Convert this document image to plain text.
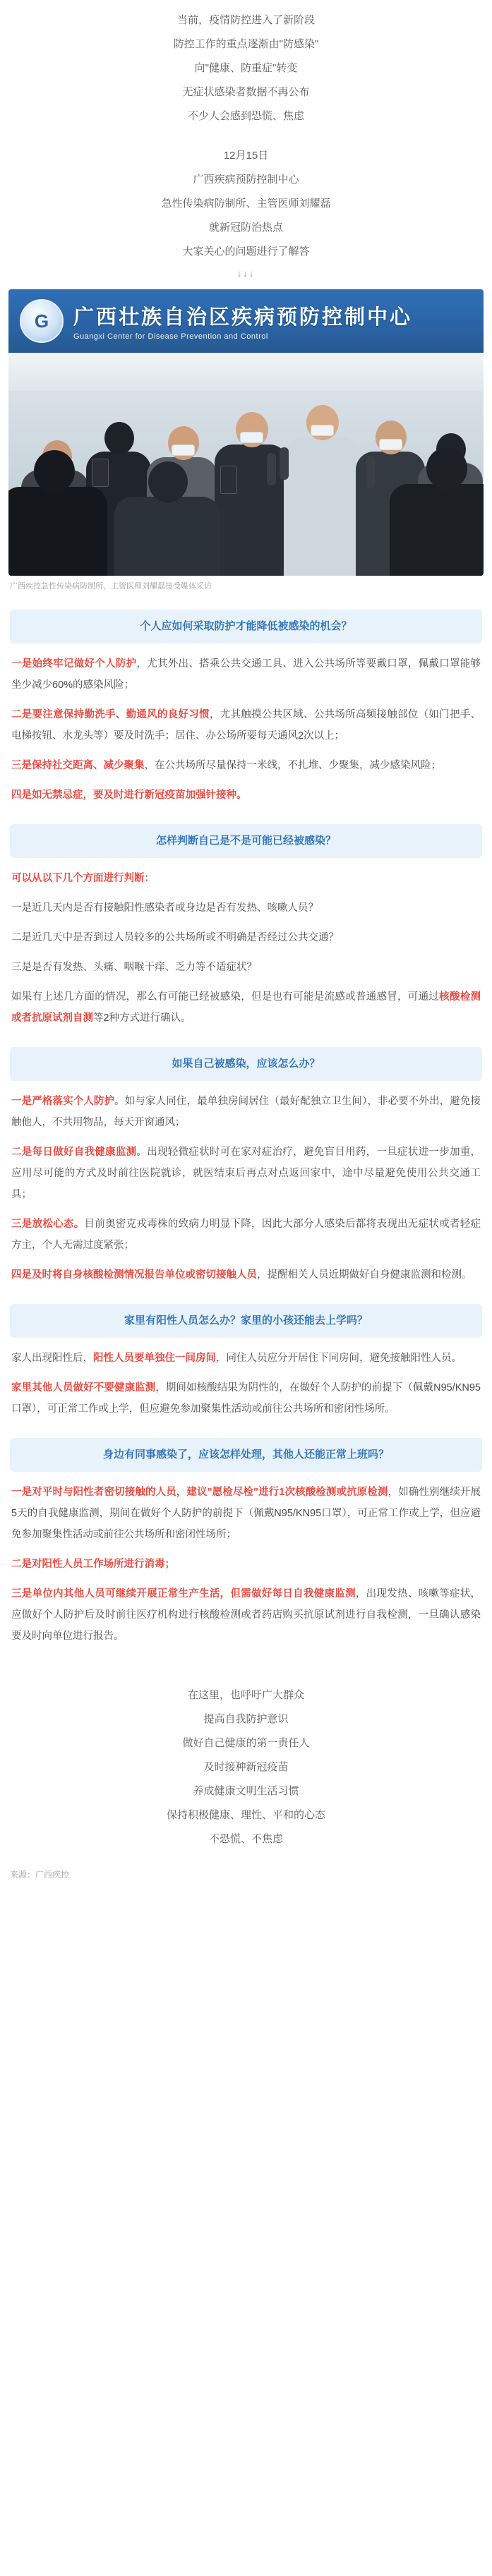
当前，疫情防控进入了新阶段
防控工作的重点逐渐由"防感染"
向"健康、防重症"转变
无症状感染者数据不再公布
不少人会感到恐慌、焦虑
12月15日
广西疾病预防控制中心
急性传染病防制所、主管医师刘耀磊
就新冠防治热点
大家关心的问题进行了解答
↓↓↓
G	广西壮族自治区疾病预防控制中心
Guangxi Center for Disease Prevention and Control
广西疾控急性传染病防制所、主管医师刘耀磊接受媒体采访
个人应如何采取防护才能降低被感染的机会？
一是始终牢记做好个人防护，尤其外出、搭乘公共交通工具、进入公共场所等要戴口罩，佩戴口罩能够坐少减少60%的感染风险；
二是要注意保持勤洗手、勤通风的良好习惯，尤其触摸公共区域、公共场所高频接触部位（如门把手、电梯按钮、水龙头等）要及时洗手；居住、办公场所要每天通风2次以上；
三是保持社交距离、减少聚集，在公共场所尽量保持一米线，不扎堆、少聚集，减少感染风险；
四是如无禁忌症，要及时进行新冠疫苗加强针接种。
怎样判断自己是不是可能已经被感染？
可以从以下几个方面进行判断：
一是近几天内是否有接触阳性感染者或身边是否有发热、咳嗽人员？
二是近几天中是否到过人员较多的公共场所或不明确是否经过公共交通？
三是是否有发热、头痛、咽喉干痒、乏力等不适症状？
如果有上述几方面的情况，那么有可能已经被感染，但是也有可能是流感或普通感冒，可通过核酸检测或者抗原试剂自测等2种方式进行确认。
如果自己被感染，应该怎么办？
一是严格落实个人防护。如与家人同住，最单独房间居住（最好配独立卫生间），非必要不外出，避免接触他人，不共用物品，每天开窗通风；
二是每日做好自我健康监测。出现轻微症状时可在家对症治疗，避免盲目用药，一旦症状进一步加重，应用尽可能的方式及时前往医院就诊，就医结束后再点对点返回家中，途中尽量避免使用公共交通工具；
三是放松心态。目前奥密克戎毒株的致病力明显下降，因此大部分人感染后都将表现出无症状或者轻症方主，个人无需过度紧张；
四是及时将自身核酸检测情况报告单位或密切接触人员，提醒相关人员近期做好自身健康监测和检测。
家里有阳性人员怎么办？家里的小孩还能去上学吗？
家人出现阳性后，阳性人员要单独住一间房间，同住人员应分开居住下同房间，避免接触阳性人员。
家里其他人员做好不要健康监测，期间如核酸结果为阴性的，在做好个人防护的前提下（佩戴N95/KN95口罩），可正常工作或上学，但应避免参加聚集性活动或前往公共场所和密闭性场所。
身边有同事感染了，应该怎样处理，其他人还能正常上班吗？
一是对平时与阳性者密切接触的人员，建议"愿检尽检"进行1次核酸检测或抗原检测，如确性别继续开展5天的自我健康监测，期间在做好个人防护的前提下（佩戴N95/KN95口罩），可正常工作或上学，但应避免参加聚集性活动或前往公共场所和密闭性场所；
二是对阳性人员工作场所进行消毒；
三是单位内其他人员可继续开展正常生产生活，但需做好每日自我健康监测，出现发热、咳嗽等症状，应做好个人防护后及时前往医疗机构进行核酸检测或者药店购买抗原试剂进行自我检测，一旦确认感染要及时向单位进行报告。
在这里，也呼吁广大群众
提高自我防护意识
做好自己健康的第一责任人
及时接种新冠疫苗
养成健康文明生活习惯
保持积极健康、理性、平和的心态
不恐慌、不焦虑
来源：广西疾控
